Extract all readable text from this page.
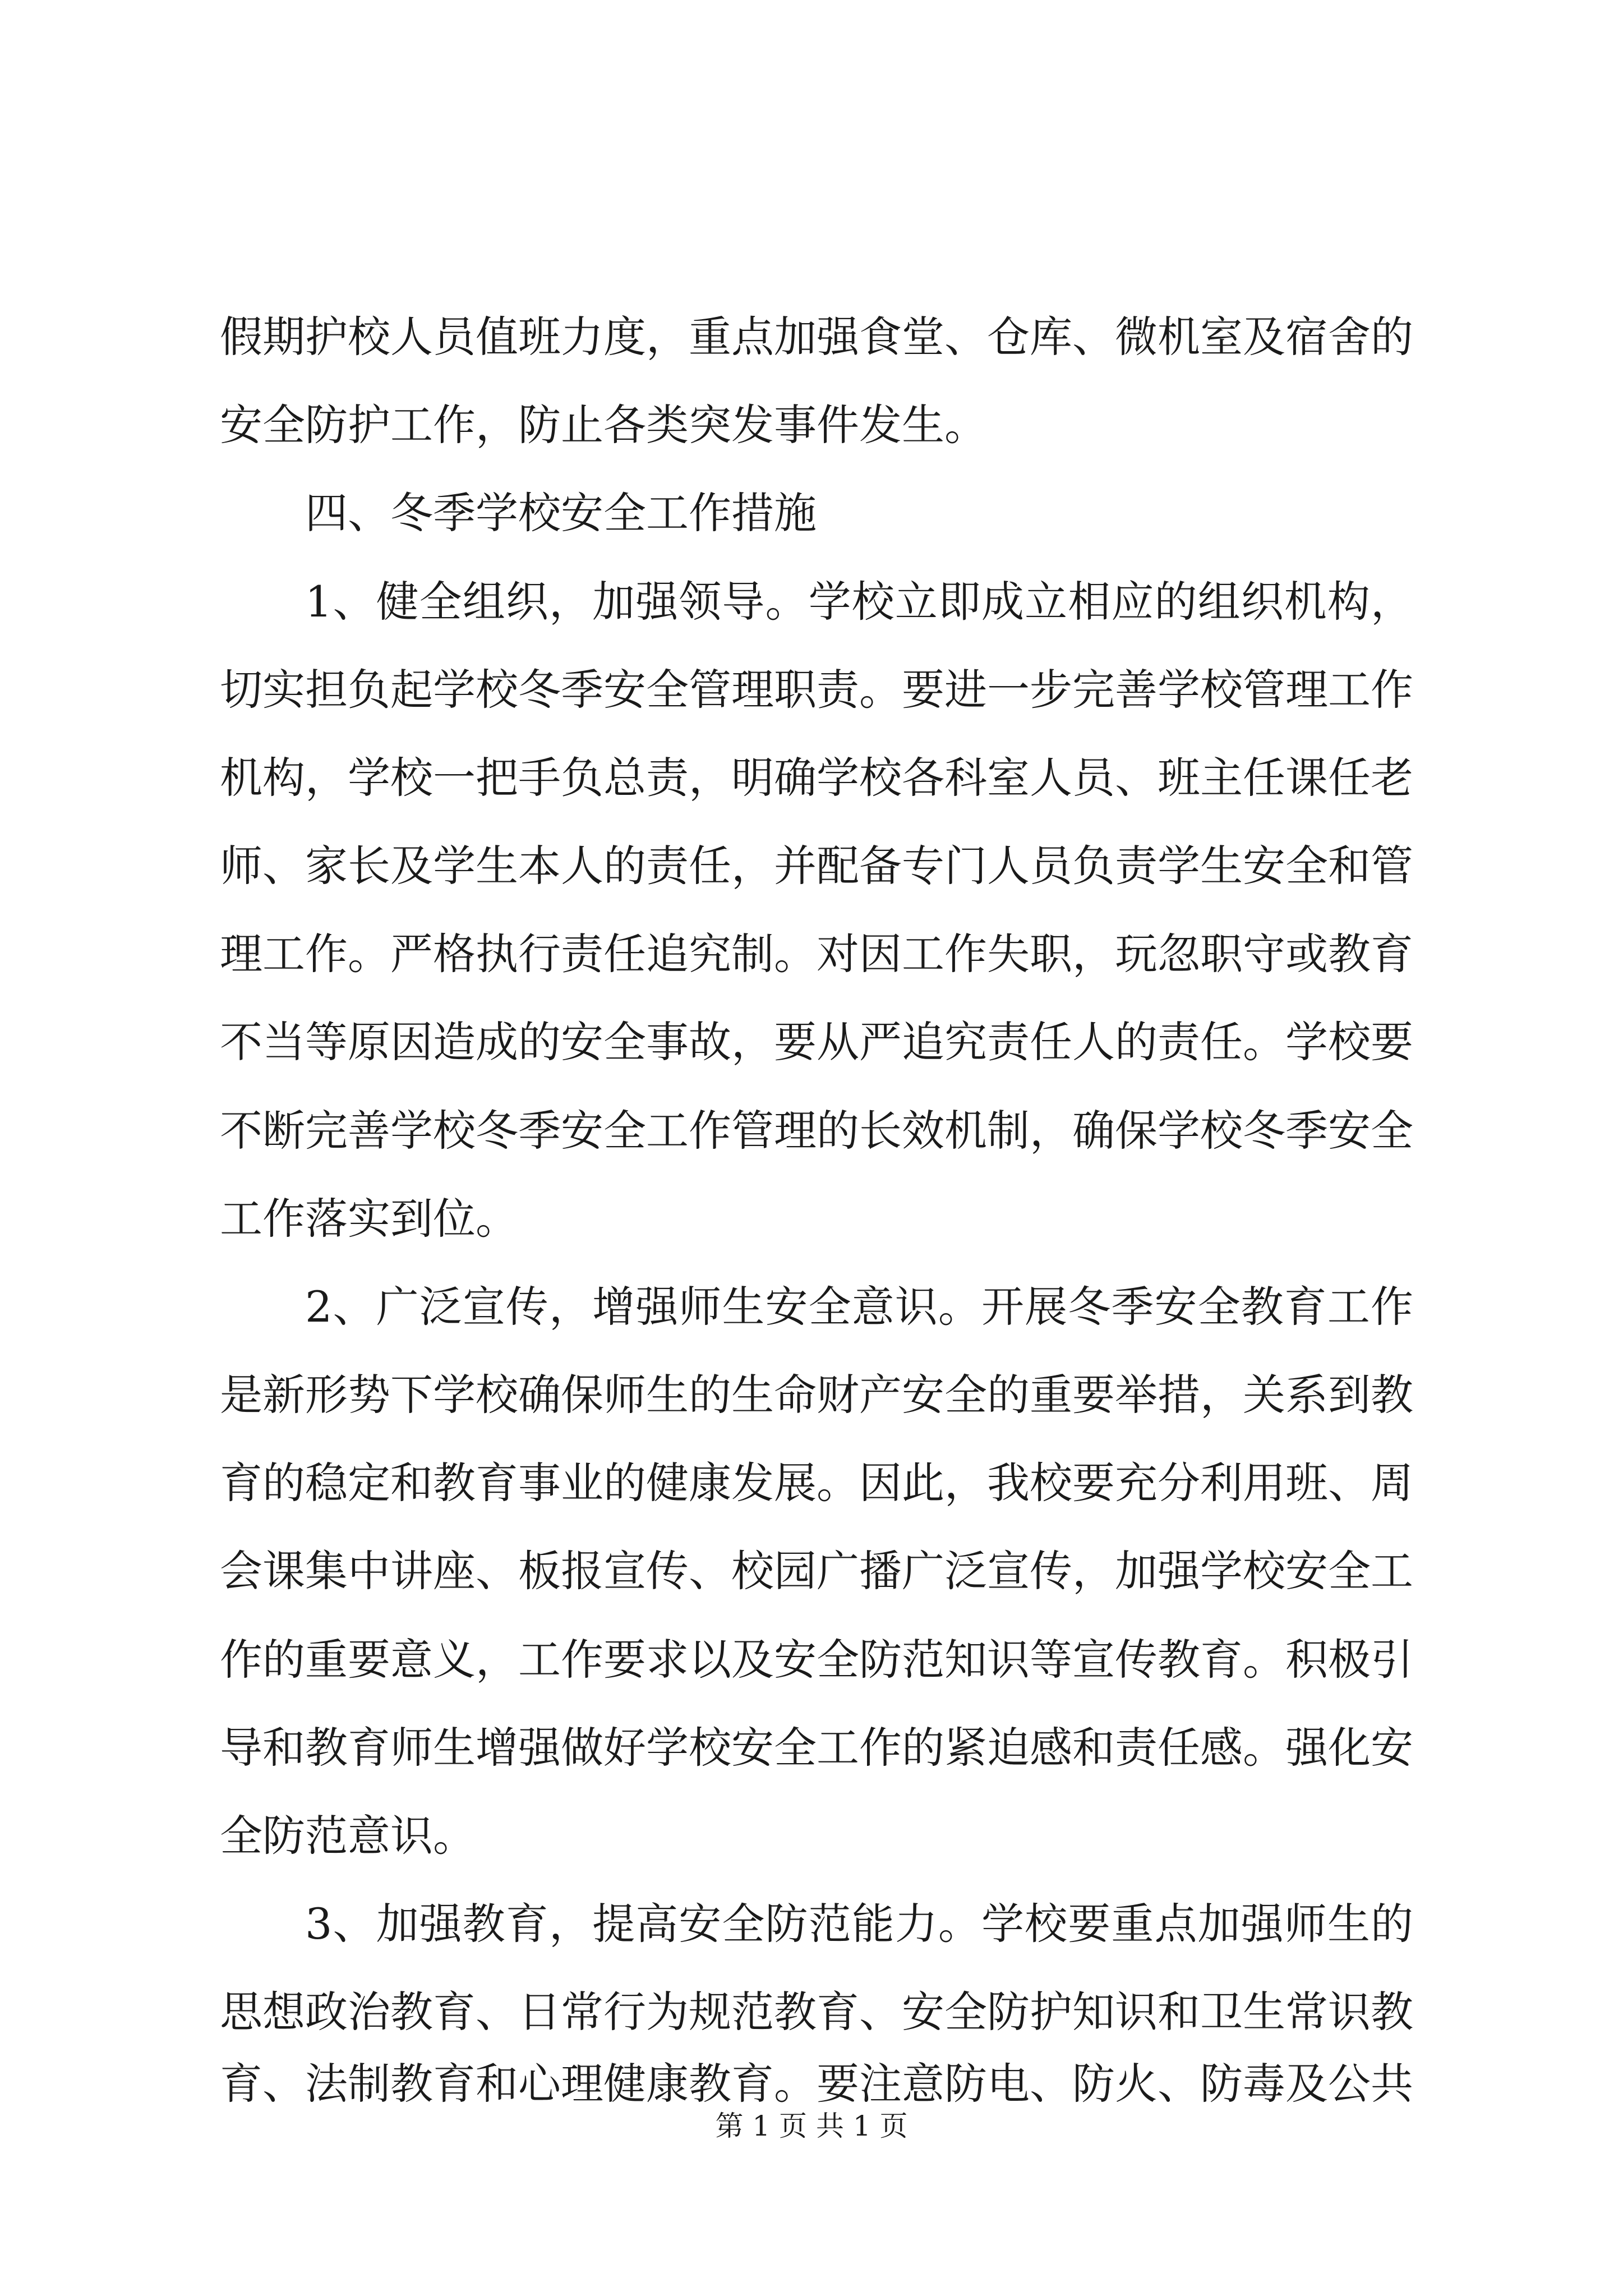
假期护校人员值班力度，重点加强食堂、仓库、微机室及宿舍的

安全防护工作，防止各类突发事件发生。

四、冬季学校安全工作措施

1、健全组织，加强领导。学校立即成立相应的组织机构，

切实担负起学校冬季安全管理职责。要进一步完善学校管理工作

机构，学校一把手负总责，明确学校各科室人员、班主任课任老

师、家长及学生本人的责任，并配备专门人员负责学生安全和管

理工作。严格执行责任追究制。对因工作失职，玩忽职守或教育

不当等原因造成的安全事故，要从严追究责任人的责任。学校要

不断完善学校冬季安全工作管理的长效机制，确保学校冬季安全

工作落实到位。

2、广泛宣传，增强师生安全意识。开展冬季安全教育工作

是新形势下学校确保师生的生命财产安全的重要举措，关系到教

育的稳定和教育事业的健康发展。因此，我校要充分利用班、周

会课集中讲座、板报宣传、校园广播广泛宣传，加强学校安全工

作的重要意义，工作要求以及安全防范知识等宣传教育。积极引

导和教育师生增强做好学校安全工作的紧迫感和责任感。强化安

全防范意识。

3、加强教育，提高安全防范能力。学校要重点加强师生的

思想政治教育、日常行为规范教育、安全防护知识和卫生常识教

育、法制教育和心理健康教育。要注意防电、防火、防毒及公共

第 1 页 共 1 页
